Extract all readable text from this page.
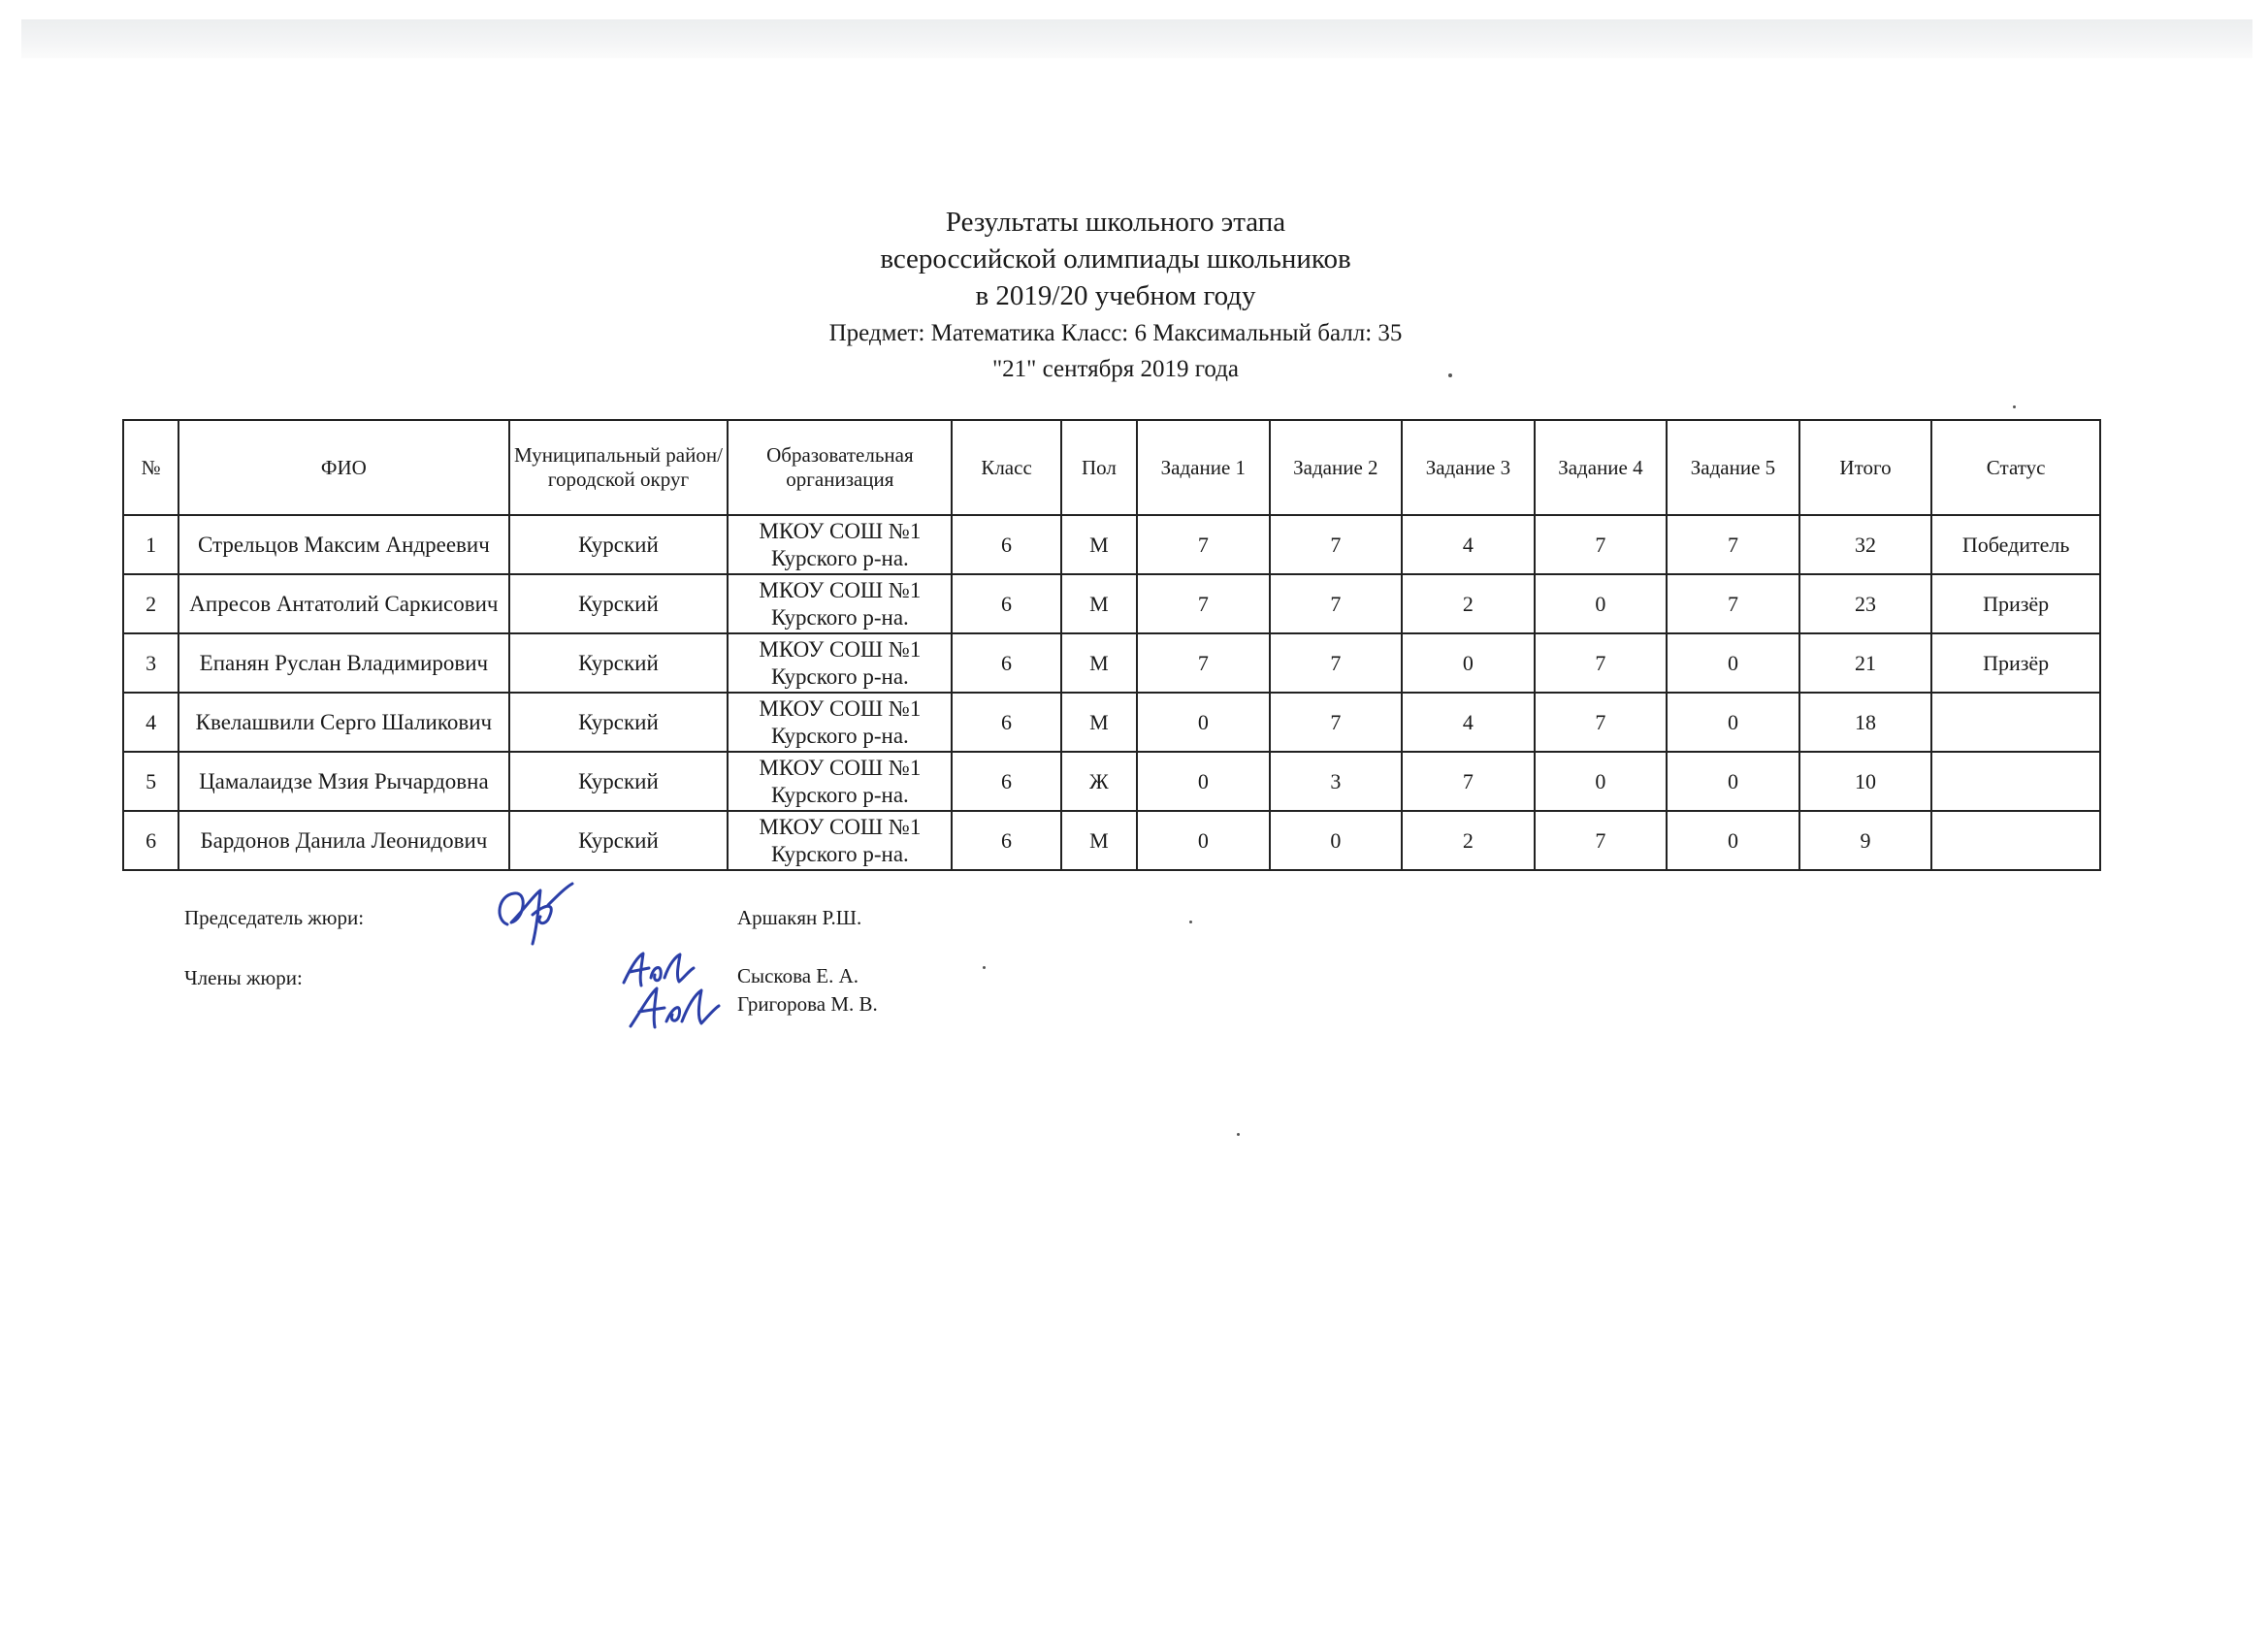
Результаты школьного этапа

всероссийской олимпиады школьников

в 2019/20 учебном году

Предмет: Математика Класс: 6 Максимальный балл: 35

"21" сентября 2019 года

№	ФИО	Муниципальный район/городской округ	Образовательная организация	Класс	Пол	Задание 1	Задание 2	Задание 3	Задание 4	Задание 5	Итого	Статус
1	Стрельцов Максим Андреевич	Курский	МКОУ СОШ №1 Курского р-на.	6	М	7	7	4	7	7	32	Победитель
2	Апресов Антатолий Саркисович	Курский	МКОУ СОШ №1 Курского р-на.	6	М	7	7	2	0	7	23	Призёр
3	Епанян Руслан Владимирович	Курский	МКОУ СОШ №1 Курского р-на.	6	М	7	7	0	7	0	21	Призёр
4	Квелашвили Серго Шаликович	Курский	МКОУ СОШ №1 Курского р-на.	6	М	0	7	4	7	0	18	
5	Цамалаидзе Мзия Рычардовна	Курский	МКОУ СОШ №1 Курского р-на.	6	Ж	0	3	7	0	0	10	
6	Бардонов Данила Леонидович	Курский	МКОУ СОШ №1 Курского р-на.	6	М	0	0	2	7	0	9	
Председатель жюри:	Аршакян Р.Ш.
Члены жюри:	Сыскова Е. А.
Григорова М. В.
